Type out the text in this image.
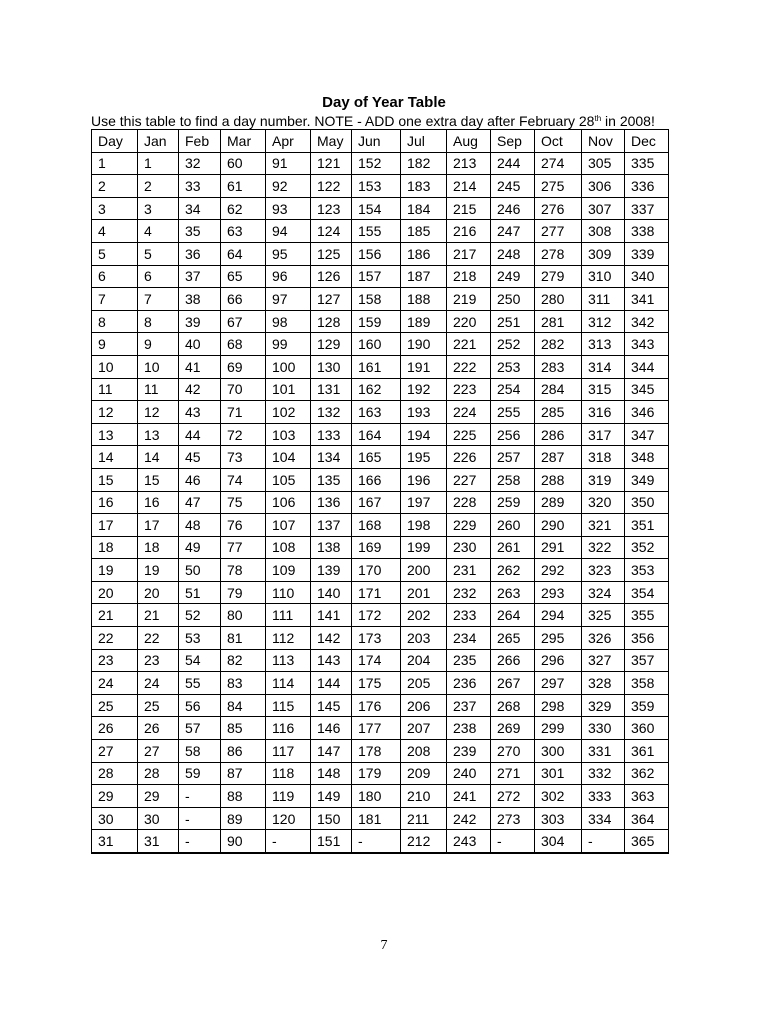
Day of Year Table
Use this table to find a day number. NOTE - ADD one extra day after February 28th in 2008!
Day	Jan	Feb	Mar	Apr	May	Jun	Jul	Aug	Sep	Oct	Nov	Dec
1	1	32	60	91	121	152	182	213	244	274	305	335
2	2	33	61	92	122	153	183	214	245	275	306	336
3	3	34	62	93	123	154	184	215	246	276	307	337
4	4	35	63	94	124	155	185	216	247	277	308	338
5	5	36	64	95	125	156	186	217	248	278	309	339
6	6	37	65	96	126	157	187	218	249	279	310	340
7	7	38	66	97	127	158	188	219	250	280	311	341
8	8	39	67	98	128	159	189	220	251	281	312	342
9	9	40	68	99	129	160	190	221	252	282	313	343
10	10	41	69	100	130	161	191	222	253	283	314	344
11	11	42	70	101	131	162	192	223	254	284	315	345
12	12	43	71	102	132	163	193	224	255	285	316	346
13	13	44	72	103	133	164	194	225	256	286	317	347
14	14	45	73	104	134	165	195	226	257	287	318	348
15	15	46	74	105	135	166	196	227	258	288	319	349
16	16	47	75	106	136	167	197	228	259	289	320	350
17	17	48	76	107	137	168	198	229	260	290	321	351
18	18	49	77	108	138	169	199	230	261	291	322	352
19	19	50	78	109	139	170	200	231	262	292	323	353
20	20	51	79	110	140	171	201	232	263	293	324	354
21	21	52	80	111	141	172	202	233	264	294	325	355
22	22	53	81	112	142	173	203	234	265	295	326	356
23	23	54	82	113	143	174	204	235	266	296	327	357
24	24	55	83	114	144	175	205	236	267	297	328	358
25	25	56	84	115	145	176	206	237	268	298	329	359
26	26	57	85	116	146	177	207	238	269	299	330	360
27	27	58	86	117	147	178	208	239	270	300	331	361
28	28	59	87	118	148	179	209	240	271	301	332	362
29	29	-	88	119	149	180	210	241	272	302	333	363
30	30	-	89	120	150	181	211	242	273	303	334	364
31	31	-	90	-	151	-	212	243	-	304	-	365
7
